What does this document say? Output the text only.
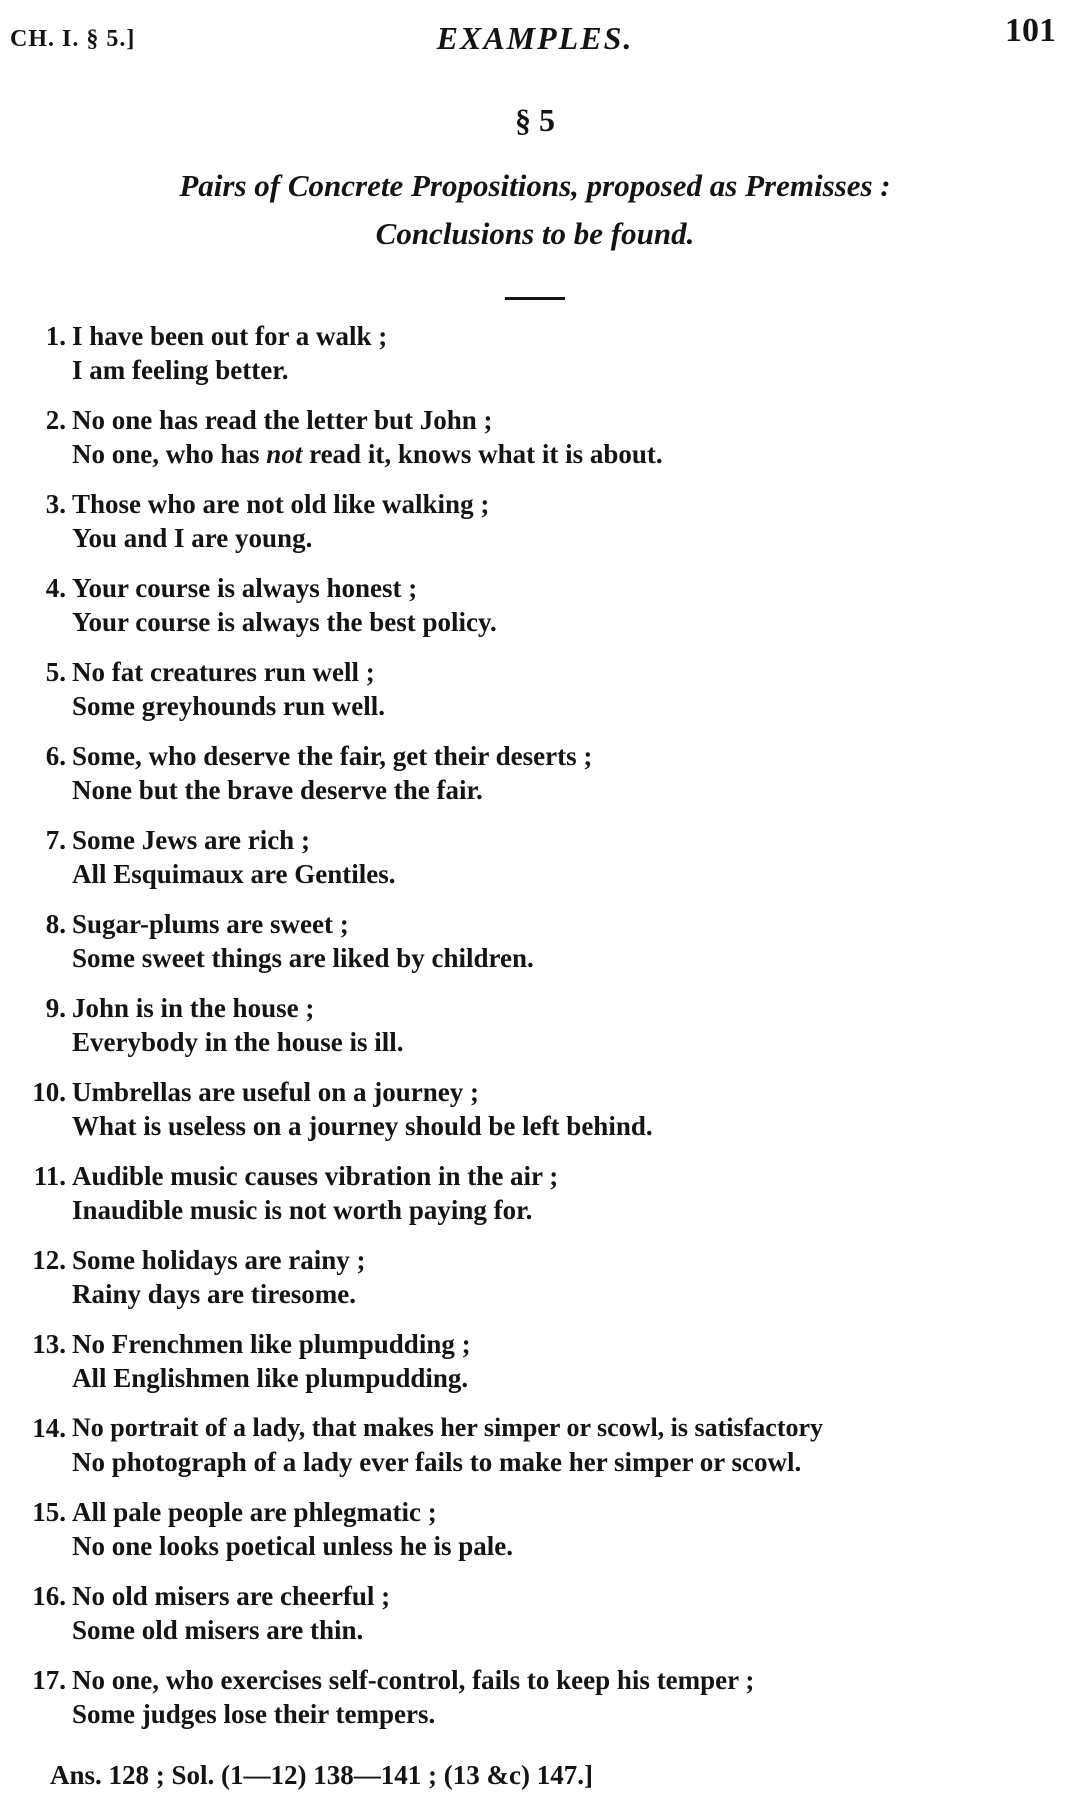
CH. I. § 5.]	EXAMPLES.	101
§ 5
Pairs of Concrete Propositions, proposed as Premisses :
Conclusions to be found.
1. I have been out for a walk ;
I am feeling better.
2. No one has read the letter but John ;
No one, who has not read it, knows what it is about.
3. Those who are not old like walking ;
You and I are young.
4. Your course is always honest ;
Your course is always the best policy.
5. No fat creatures run well ;
Some greyhounds run well.
6. Some, who deserve the fair, get their deserts ;
None but the brave deserve the fair.
7. Some Jews are rich ;
All Esquimaux are Gentiles.
8. Sugar-plums are sweet ;
Some sweet things are liked by children.
9. John is in the house ;
Everybody in the house is ill.
10. Umbrellas are useful on a journey ;
What is useless on a journey should be left behind.
11. Audible music causes vibration in the air ;
Inaudible music is not worth paying for.
12. Some holidays are rainy ;
Rainy days are tiresome.
13. No Frenchmen like plumpudding ;
All Englishmen like plumpudding.
14. No portrait of a lady, that makes her simper or scowl, is satisfactory
No photograph of a lady ever fails to make her simper or scowl.
15. All pale people are phlegmatic ;
No one looks poetical unless he is pale.
16. No old misers are cheerful ;
Some old misers are thin.
17. No one, who exercises self-control, fails to keep his temper ;
Some judges lose their tempers.
Ans. 128 ; Sol. (1—12) 138—141 ; (13 &c) 147.]
